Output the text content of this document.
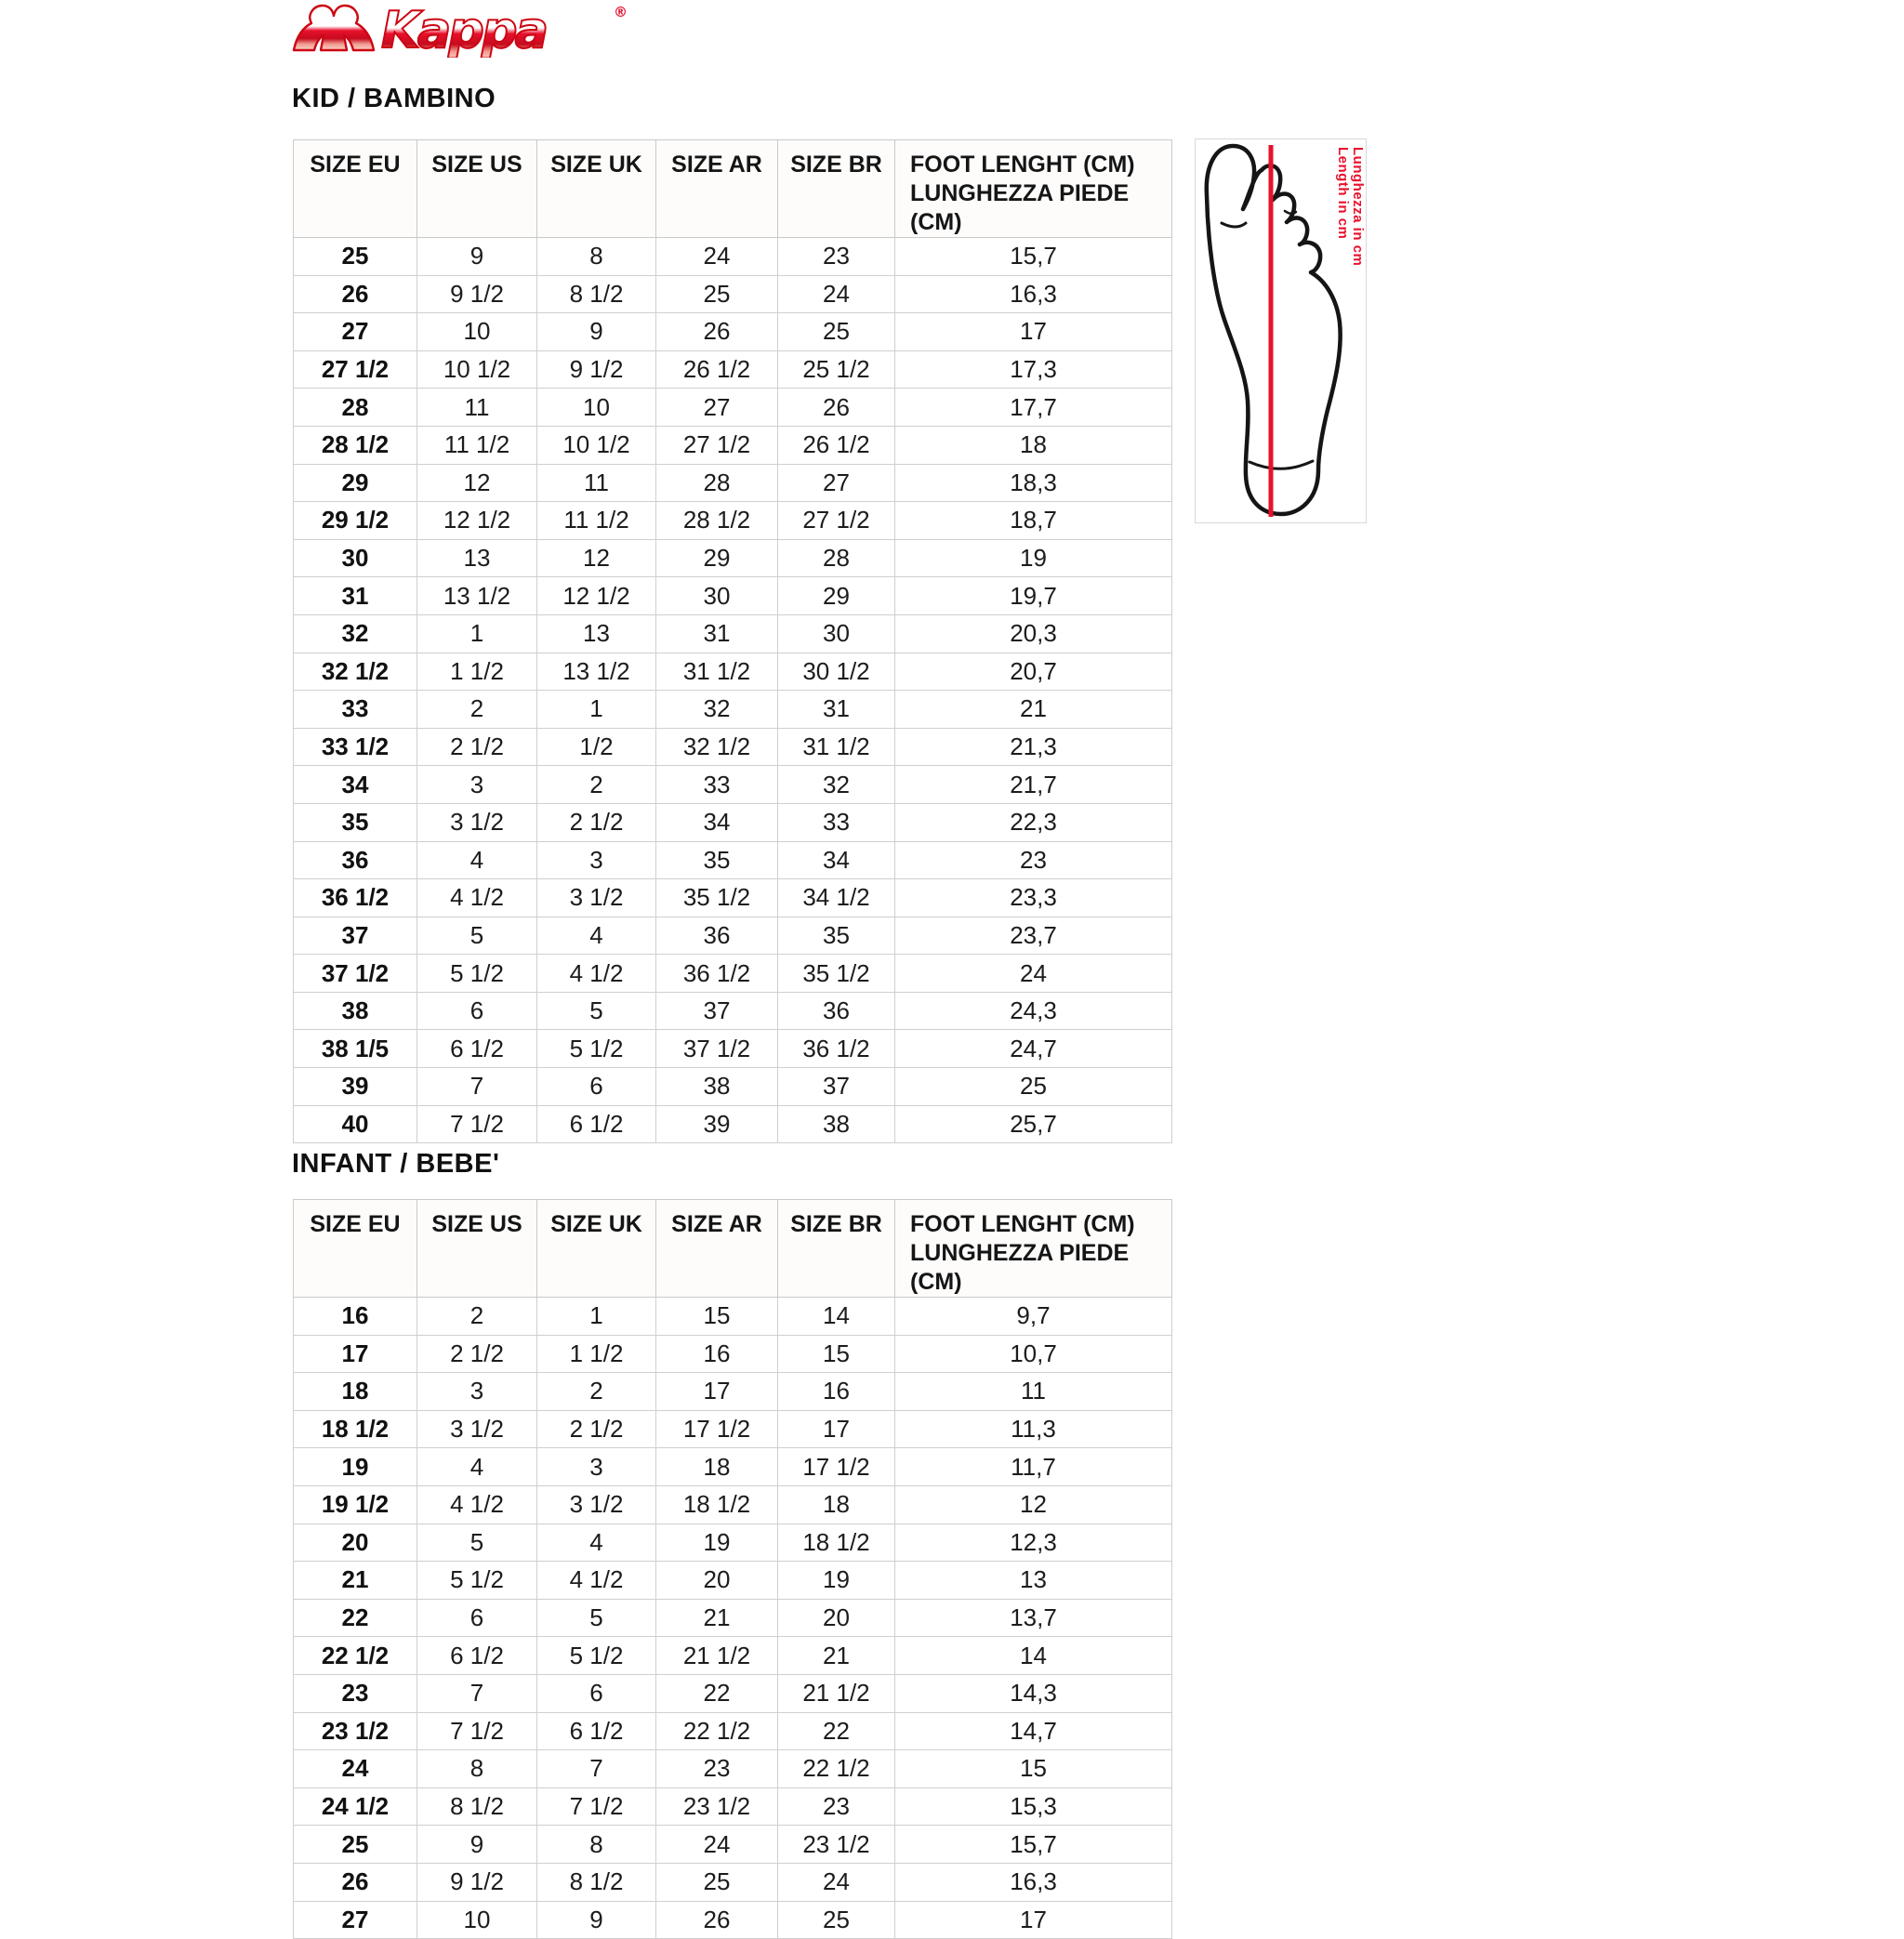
Kappa	®
KID / BAMBINO
INFANT / BEBE'
SIZE EU	SIZE US	SIZE UK	SIZE AR	SIZE BR	FOOT LENGHT (CM)
LUNGHEZZA PIEDE (CM)
25	9	8	24	23	15,7
26	9 1/2	8 1/2	25	24	16,3
27	10	9	26	25	17
27 1/2	10 1/2	9 1/2	26 1/2	25 1/2	17,3
28	11	10	27	26	17,7
28 1/2	11 1/2	10 1/2	27 1/2	26 1/2	18
29	12	11	28	27	18,3
29 1/2	12 1/2	11 1/2	28 1/2	27 1/2	18,7
30	13	12	29	28	19
31	13 1/2	12 1/2	30	29	19,7
32	1	13	31	30	20,3
32 1/2	1 1/2	13 1/2	31 1/2	30 1/2	20,7
33	2	1	32	31	21
33 1/2	2 1/2	1/2	32 1/2	31 1/2	21,3
34	3	2	33	32	21,7
35	3 1/2	2 1/2	34	33	22,3
36	4	3	35	34	23
36 1/2	4 1/2	3 1/2	35 1/2	34 1/2	23,3
37	5	4	36	35	23,7
37 1/2	5 1/2	4 1/2	36 1/2	35 1/2	24
38	6	5	37	36	24,3
38 1/5	6 1/2	5 1/2	37 1/2	36 1/2	24,7
39	7	6	38	37	25
40	7 1/2	6 1/2	39	38	25,7
SIZE EU	SIZE US	SIZE UK	SIZE AR	SIZE BR	FOOT LENGHT (CM)
LUNGHEZZA PIEDE (CM)
16	2	1	15	14	9,7
17	2 1/2	1 1/2	16	15	10,7
18	3	2	17	16	11
18 1/2	3 1/2	2 1/2	17 1/2	17	11,3
19	4	3	18	17 1/2	11,7
19 1/2	4 1/2	3 1/2	18 1/2	18	12
20	5	4	19	18 1/2	12,3
21	5 1/2	4 1/2	20	19	13
22	6	5	21	20	13,7
22 1/2	6 1/2	5 1/2	21 1/2	21	14
23	7	6	22	21 1/2	14,3
23 1/2	7 1/2	6 1/2	22 1/2	22	14,7
24	8	7	23	22 1/2	15
24 1/2	8 1/2	7 1/2	23 1/2	23	15,3
25	9	8	24	23 1/2	15,7
26	9 1/2	8 1/2	25	24	16,3
27	10	9	26	25	17
Length in cm Lunghezza in cm
